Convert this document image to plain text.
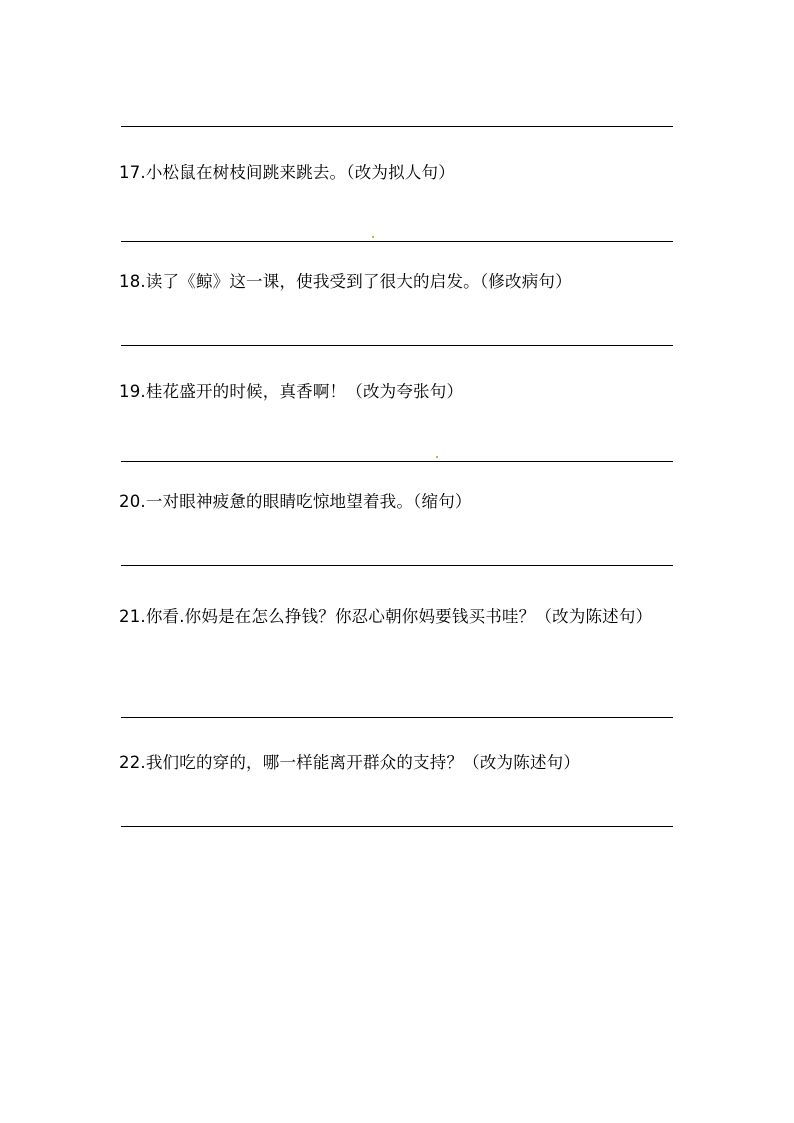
17.小松鼠在树枝间跳来跳去。（改为拟人句）
18.读了《鲸》这一课，使我受到了很大的启发。（修改病句）
19.桂花盛开的时候，真香啊！（改为夸张句）
20.一对眼神疲惫的眼睛吃惊地望着我。（缩句）
21.你看.你妈是在怎么挣钱？你忍心朝你妈要钱买书哇？（改为陈述句）
22.我们吃的穿的，哪一样能离开群众的支持？（改为陈述句）
